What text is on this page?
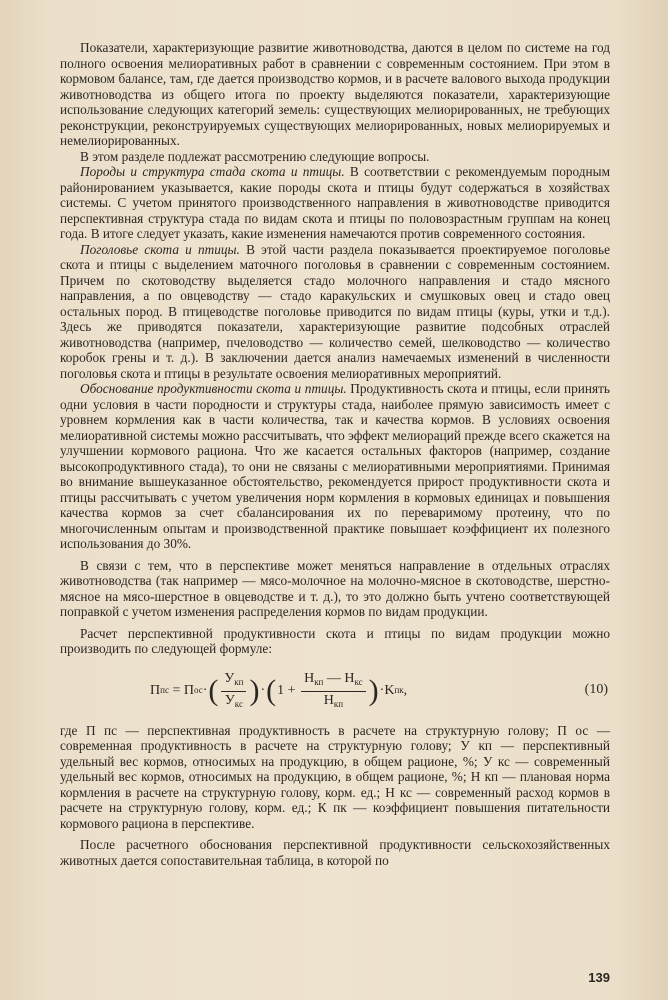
Показатели, характеризующие развитие животноводства, даются в целом по системе на год полного освоения мелиоративных работ в сравнении с современным состоянием. При этом в кормовом балансе, там, где дается производство кормов, и в расчете валового выхода продукции животноводства из общего итога по проекту выделяются показатели, характеризующие использование следующих категорий земель: существующих мелиорированных, не требующих реконструкции, реконструируемых существующих мелиорированных, новых мелиорируемых и немелиорированных.

В этом разделе подлежат рассмотрению следующие вопросы.

Породы и структура стада скота и птицы. В соответствии с рекомендуемым породным районированием указывается, какие породы скота и птицы будут содержаться в хозяйствах системы. С учетом принятого производственного направления в животноводстве приводится перспективная структура стада по видам скота и птицы по половозрастным группам на конец года. В итоге следует указать, какие изменения намечаются против современного состояния.

Поголовье скота и птицы. В этой части раздела показывается проектируемое поголовье скота и птицы с выделением маточного поголовья в сравнении с современным состоянием. Причем по скотоводству выделяется стадо молочного направления и стадо мясного направления, а по овцеводству — стадо каракульских и смушковых овец и стадо овец остальных пород. В птицеводстве поголовье приводится по видам птицы (куры, утки и т.д.). Здесь же приводятся показатели, характеризующие развитие подсобных отраслей животноводства (например, пчеловодство — количество семей, шелководство — количество коробок грены и т. д.). В заключении дается анализ намечаемых изменений в численности поголовья скота и птицы в результате освоения мелиоративных мероприятий.

Обоснование продуктивности скота и птицы. Продуктивность скота и птицы, если принять одни условия в части породности и структуры стада, наиболее прямую зависимость имеет с уровнем кормления как в части количества, так и качества кормов. В условиях освоения мелиоративной системы можно рассчитывать, что эффект мелиораций прежде всего скажется на улучшении кормового рациона. Что же касается остальных факторов (например, создание высокопродуктивного стада), то они не связаны с мелиоративными мероприятиями. Принимая во внимание вышеуказанное обстоятельство, рекомендуется прирост продуктивности скота и птицы рассчитывать с учетом увеличения норм кормления в кормовых единицах и повышения качества кормов за счет сбалансирования их по переваримому протеину, что по многочисленным опытам и производственной практике повышает коэффициент их полезного использования до 30%.

В связи с тем, что в перспективе может меняться направление в отдельных отраслях животноводства (так например — мясо-молочное на молочно-мясное в скотоводстве, шерстно-мясное на мясо-шерстное в овцеводстве и т. д.), то это должно быть учтено соответствующей поправкой с учетом изменения распределения кормов по видам продукции.

Расчет перспективной продуктивности скота и птицы по видам продукции можно производить по следующей формуле:

П пс = П ос · ( $\frac{У_{кп}}{У_{кс}}$ ) · ( $1 + \frac{Н_{кп} — Н_{кс}}{Н_{кп}}$ ) · K пк ,	(10)

где П пс — перспективная продуктивность в расчете на структурную голову; П ос — современная продуктивность в расчете на структурную голову; У кп — перспективный удельный вес кормов, относимых на продукцию, в общем рационе, %; У кс — современный удельный вес кормов, относимых на продукцию, в общем рационе, %; Н кп — плановая норма кормления в расчете на структурную голову, корм. ед.; Н кс — современный расход кормов в расчете на структурную голову, корм. ед.; К пк — коэффициент повышения питательности кормового рациона в перспективе.

После расчетного обоснования перспективной продуктивности сельскохозяйственных животных дается сопоставительная таблица, в которой по

139
